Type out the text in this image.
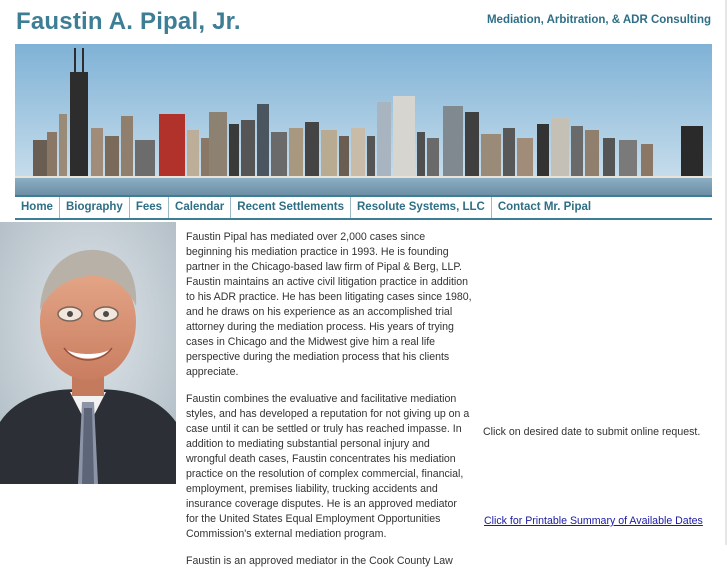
Faustin A. Pipal, Jr.	Mediation, Arbitration, & ADR Consulting
Home	Biography	Fees	Calendar	Recent Settlements	Resolute Systems, LLC	Contact Mr. Pipal

Faustin Pipal has mediated over 2,000 cases since beginning his mediation practice in 1993. He is founding partner in the Chicago-based law firm of Pipal & Berg, LLP. Faustin maintains an active civil litigation practice in addition to his ADR practice. He has been litigating cases since 1980, and he draws on his experience as an accomplished trial attorney during the mediation process. His years of trying cases in Chicago and the Midwest give him a real life perspective during the mediation process that his clients appreciate.

Faustin combines the evaluative and facilitative mediation styles, and has developed a reputation for not giving up on a case until it can be settled or truly has reached impasse. In addition to mediating substantial personal injury and wrongful death cases, Faustin concentrates his mediation practice on the resolution of complex commercial, financial, employment, premises liability, trucking accidents and insurance coverage disputes. He is an approved mediator for the United States Equal Employment Opportunities Commission's external mediation program.

Faustin is an approved mediator in the Cook County Law

Click on desired date to submit online request.
Click for Printable Summary of Available Dates
